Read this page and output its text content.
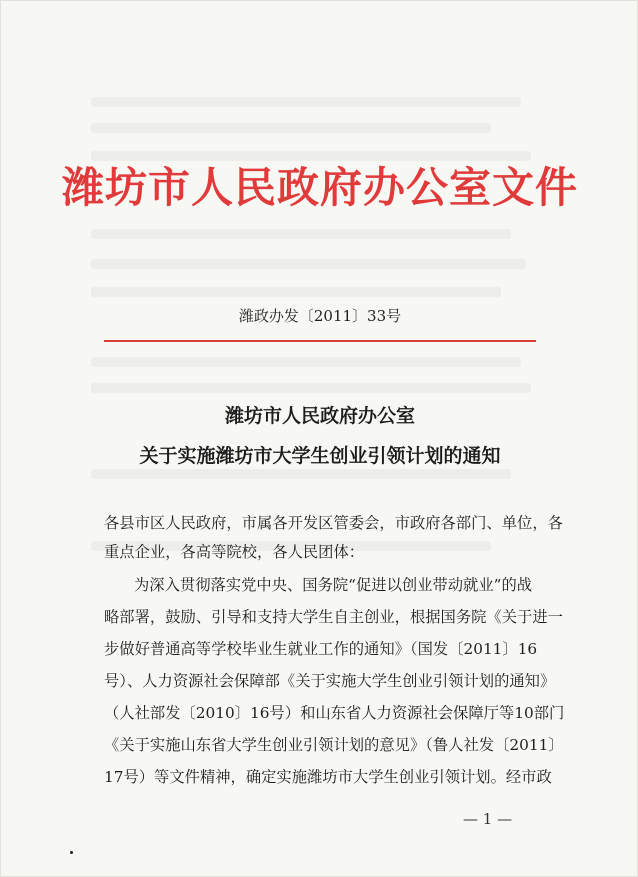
潍坊市人民政府办公室文件
潍政办发〔2011〕33号
潍坊市人民政府办公室
关于实施潍坊市大学生创业引领计划的通知
各县市区人民政府，市属各开发区管委会，市政府各部门、单位，各
重点企业，各高等院校，各人民团体：
为深入贯彻落实党中央、国务院“促进以创业带动就业”的战
略部署，鼓励、引导和支持大学生自主创业，根据国务院《关于进一
步做好普通高等学校毕业生就业工作的通知》（国发〔2011〕16
号）、人力资源社会保障部《关于实施大学生创业引领计划的通知》
（人社部发〔2010〕16号）和山东省人力资源社会保障厅等10部门
《关于实施山东省大学生创业引领计划的意见》（鲁人社发〔2011〕
17号）等文件精神，确定实施潍坊市大学生创业引领计划。经市政
— 1 —
